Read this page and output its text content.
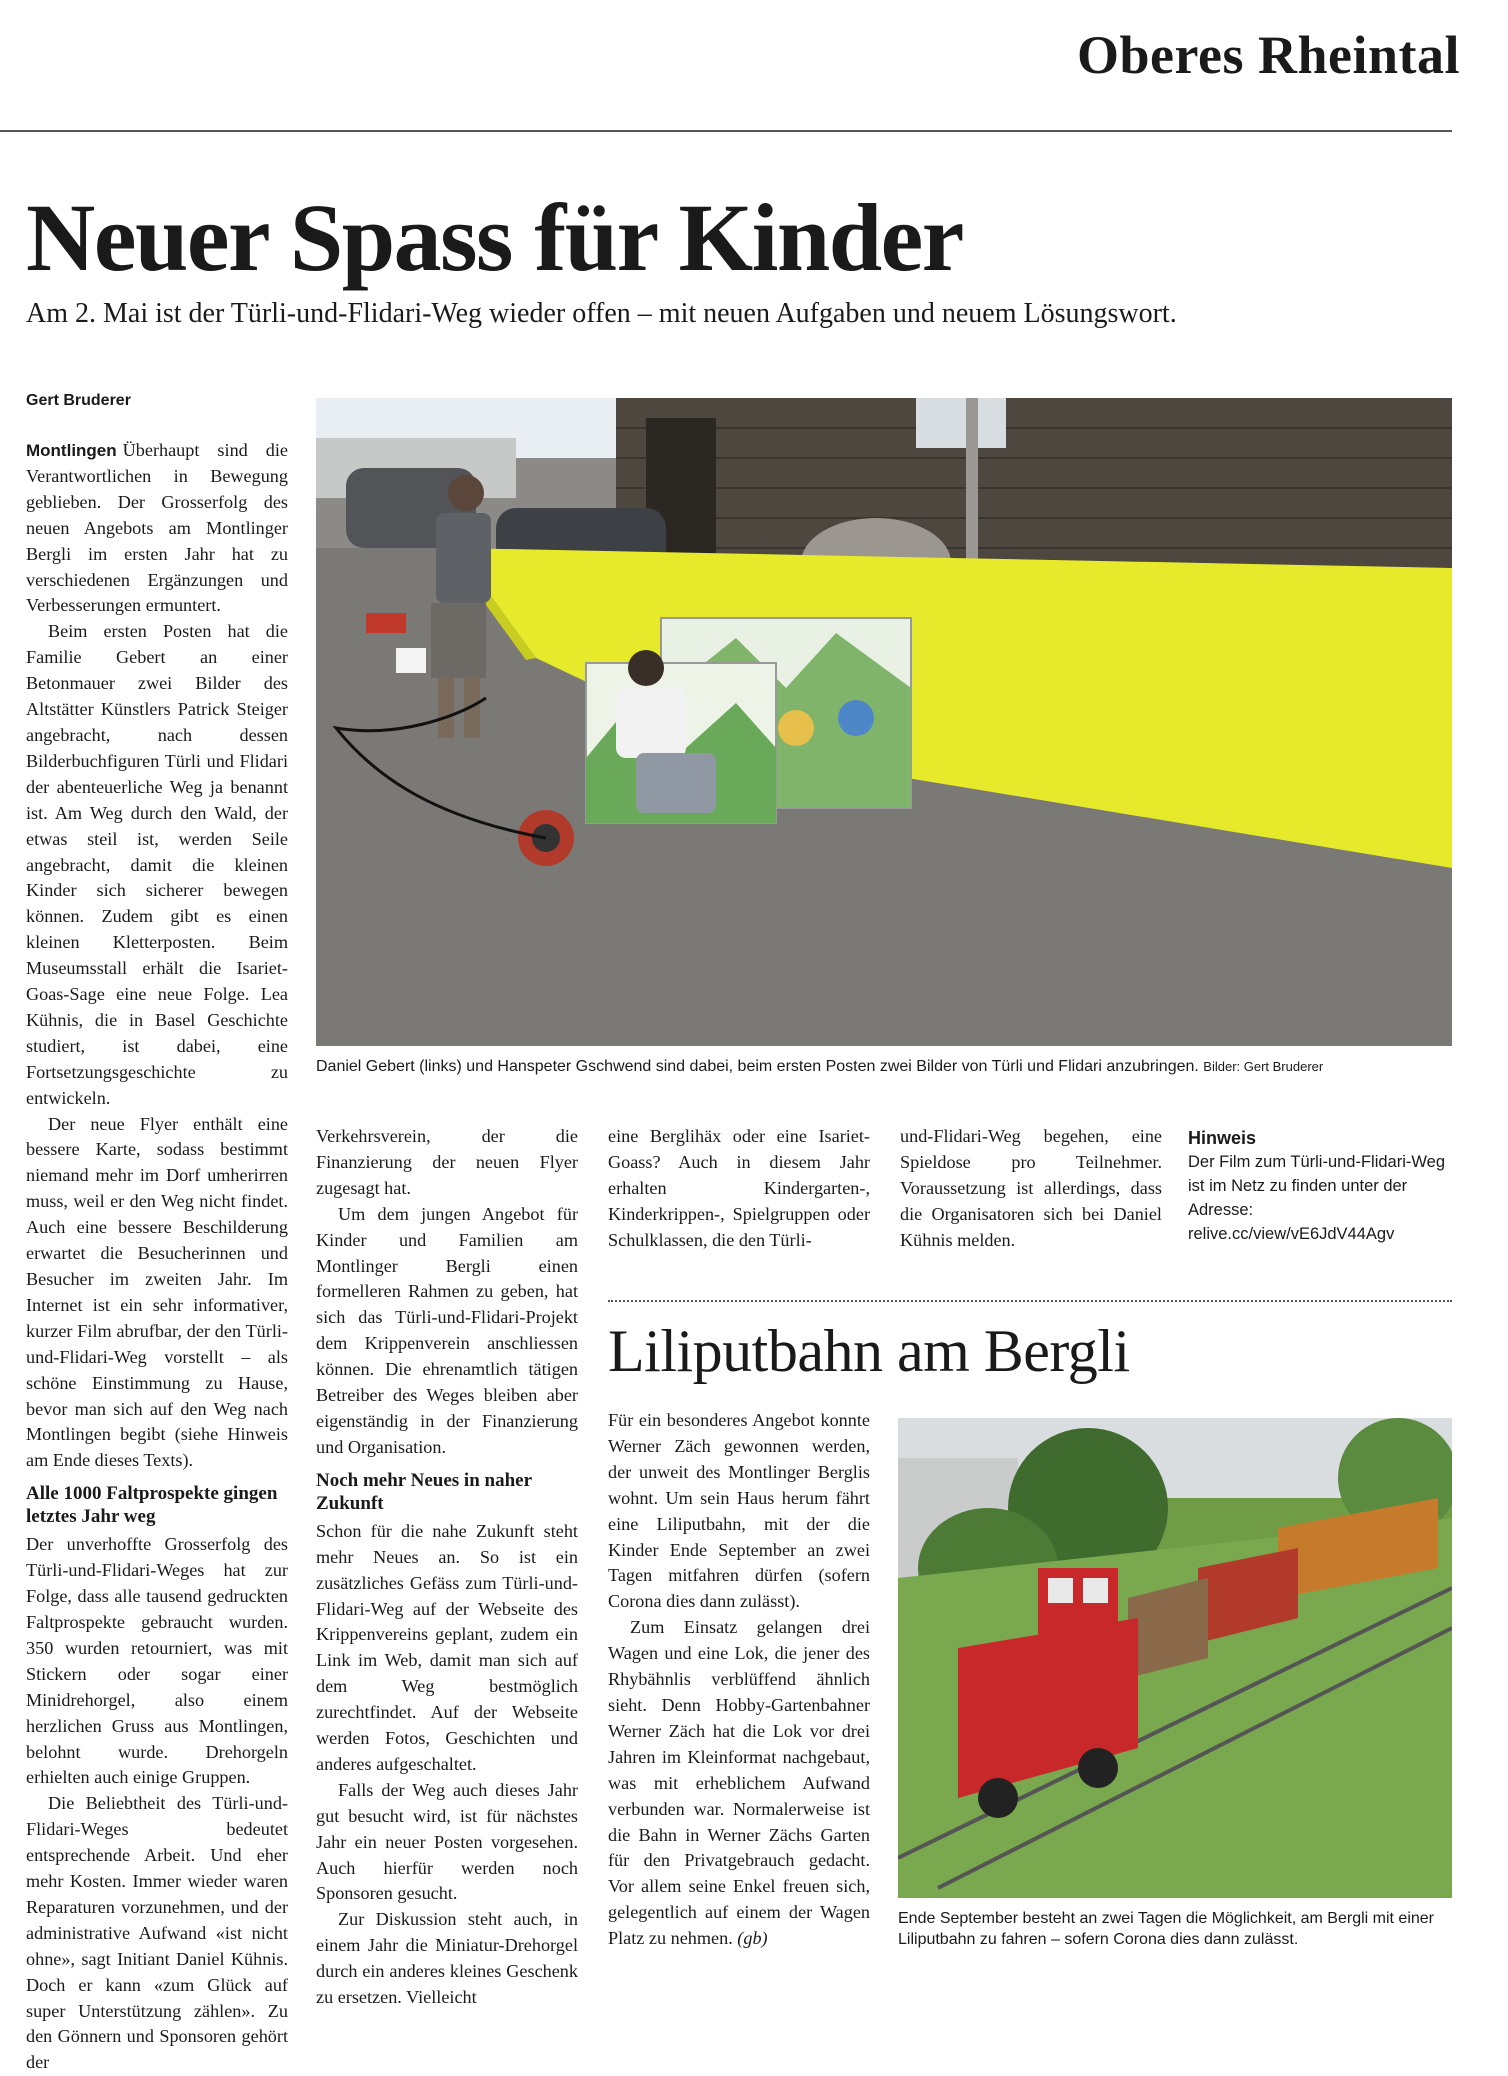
Oberes Rheintal
Neuer Spass für Kinder
Am 2. Mai ist der Türli-und-Flidari-Weg wieder offen – mit neuen Aufgaben und neuem Lösungswort.
Gert Bruderer

Montlingen Überhaupt sind die Verantwortlichen in Bewegung geblieben. Der Grosserfolg des neuen Angebots am Montlinger Bergli im ersten Jahr hat zu verschiedenen Ergänzungen und Verbesserungen ermuntert.

Beim ersten Posten hat die Familie Gebert an einer Betonmauer zwei Bilder des Altstätter Künstlers Patrick Steiger angebracht, nach dessen Bilderbuchfiguren Türli und Flidari der abenteuerliche Weg ja benannt ist. Am Weg durch den Wald, der etwas steil ist, werden Seile angebracht, damit die kleinen Kinder sich sicherer bewegen können. Zudem gibt es einen kleinen Kletterposten. Beim Museumsstall erhält die Isariet-Goas-Sage eine neue Folge. Lea Kühnis, die in Basel Geschichte studiert, ist dabei, eine Fortsetzungsgeschichte zu entwickeln.

Der neue Flyer enthält eine bessere Karte, sodass bestimmt niemand mehr im Dorf umherirren muss, weil er den Weg nicht findet. Auch eine bessere Beschilderung erwartet die Besucherinnen und Besucher im zweiten Jahr. Im Internet ist ein sehr informativer, kurzer Film abrufbar, der den Türli-und-Flidari-Weg vorstellt – als schöne Einstimmung zu Hause, bevor man sich auf den Weg nach Montlingen begibt (siehe Hinweis am Ende dieses Texts).

Alle 1000 Faltprospekte gingen letztes Jahr weg

Der unverhoffte Grosserfolg des Türli-und-Flidari-Weges hat zur Folge, dass alle tausend gedruckten Faltprospekte gebraucht wurden. 350 wurden retourniert, was mit Stickern oder sogar einer Minidrehorgel, also einem herzlichen Gruss aus Montlingen, belohnt wurde. Drehorgeln erhielten auch einige Gruppen.

Die Beliebtheit des Türli-und-Flidari-Weges bedeutet entsprechende Arbeit. Und eher mehr Kosten. Immer wieder waren Reparaturen vorzunehmen, und der administrative Aufwand «ist nicht ohne», sagt Initiant Daniel Kühnis. Doch er kann «zum Glück auf super Unterstützung zählen». Zu den Gönnern und Sponsoren gehört der

Daniel Gebert (links) und Hanspeter Gschwend sind dabei, beim ersten Posten zwei Bilder von Türli und Flidari anzubringen. Bilder: Gert Bruderer

Verkehrsverein, der die Finanzierung der neuen Flyer zugesagt hat.

Um dem jungen Angebot für Kinder und Familien am Montlinger Bergli einen formelleren Rahmen zu geben, hat sich das Türli-und-Flidari-Projekt dem Krippenverein anschliessen können. Die ehrenamtlich tätigen Betreiber des Weges bleiben aber eigenständig in der Finanzierung und Organisation.

Noch mehr Neues in naher Zukunft

Schon für die nahe Zukunft steht mehr Neues an. So ist ein zusätzliches Gefäss zum Türli-und-Flidari-Weg auf der Webseite des Krippenvereins geplant, zudem ein Link im Web, damit man sich auf dem Weg bestmöglich zurechtfindet. Auf der Webseite werden Fotos, Geschichten und anderes aufgeschaltet.

Falls der Weg auch dieses Jahr gut besucht wird, ist für nächstes Jahr ein neuer Posten vorgesehen. Auch hierfür werden noch Sponsoren gesucht.

Zur Diskussion steht auch, in einem Jahr die Miniatur-Drehorgel durch ein anderes kleines Geschenk zu ersetzen. Vielleicht

eine Berglihäx oder eine Isariet-Goass? Auch in diesem Jahr erhalten Kindergarten-, Kinderkrippen-, Spielgruppen oder Schulklassen, die den Türli-

und-Flidari-Weg begehen, eine Spieldose pro Teilnehmer. Voraussetzung ist allerdings, dass die Organisatoren sich bei Daniel Kühnis melden.

Hinweis
Der Film zum Türli-und-Flidari-Weg ist im Netz zu finden unter der Adresse: relive.cc/view/vE6JdV44Agv
Liliputbahn am Bergli

Für ein besonderes Angebot konnte Werner Zäch gewonnen werden, der unweit des Montlinger Berglis wohnt. Um sein Haus herum fährt eine Liliputbahn, mit der die Kinder Ende September an zwei Tagen mitfahren dürfen (sofern Corona dies dann zulässt).

Zum Einsatz gelangen drei Wagen und eine Lok, die jener des Rhybähnlis verblüffend ähnlich sieht. Denn Hobby-Gartenbahner Werner Zäch hat die Lok vor drei Jahren im Kleinformat nachgebaut, was mit erheblichem Aufwand verbunden war. Normalerweise ist die Bahn in Werner Zächs Garten für den Privatgebrauch gedacht. Vor allem seine Enkel freuen sich, gelegentlich auf einem der Wagen Platz zu nehmen. (gb)

Ende September besteht an zwei Tagen die Möglichkeit, am Bergli mit einer Liliputbahn zu fahren – sofern Corona dies dann zulässt.
